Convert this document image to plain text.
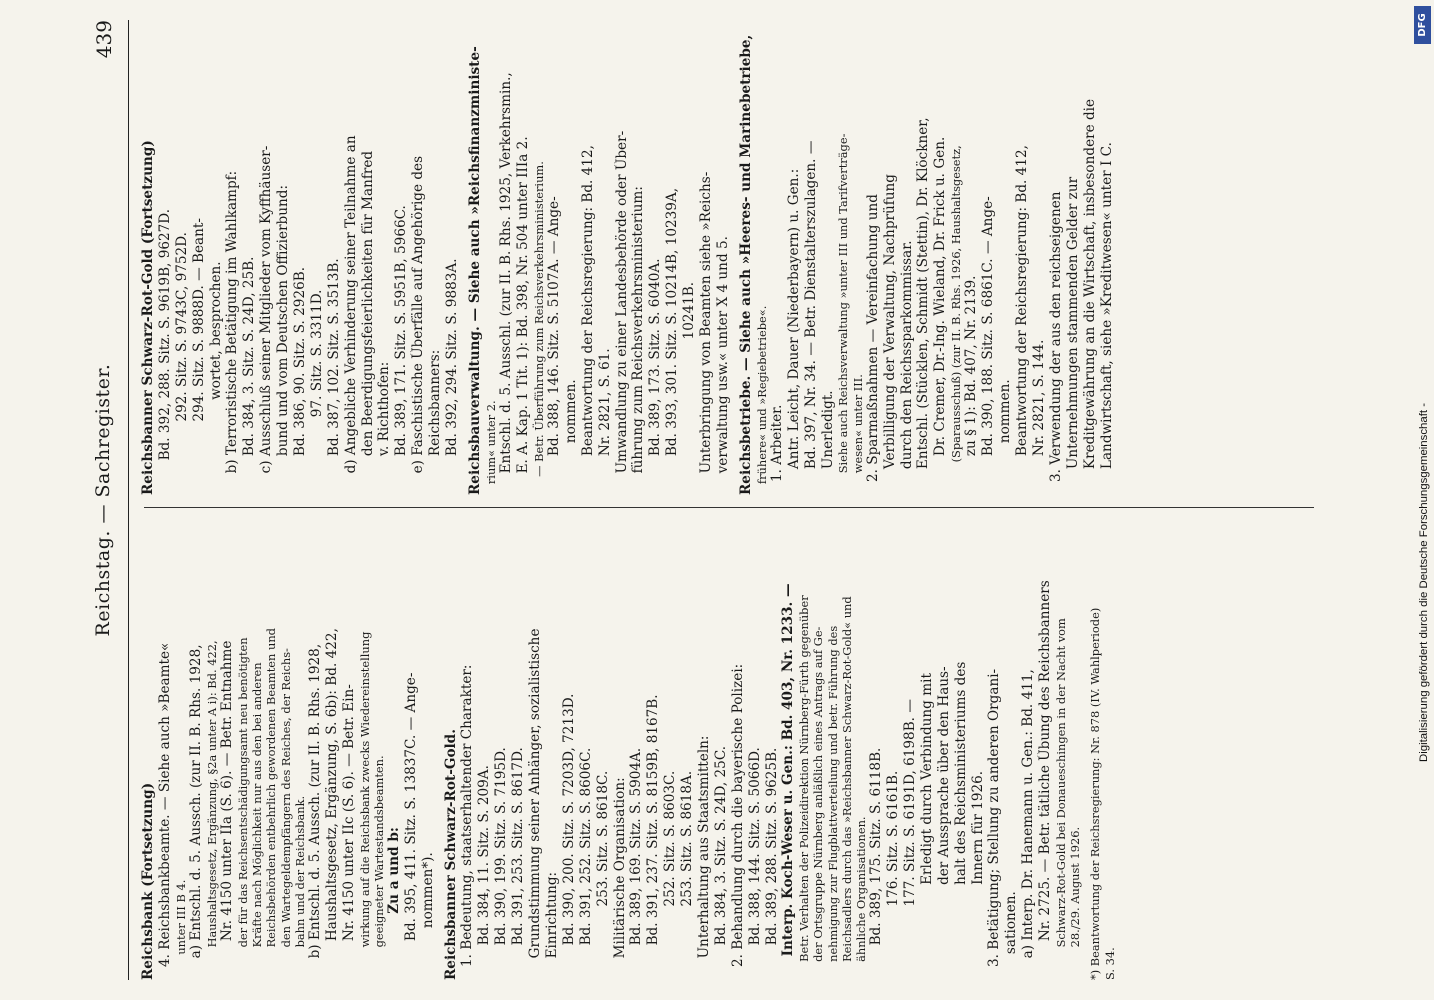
Reichstag. — Sachregister.
439
Reichsbank (Fortsetzung) 4. Reichsbankbeamte. — Siehe auch »Beamte« unter III B 4. a) Entschl. d. 5. Aussch. (zur II. B. Rhs. 1928, Haushaltsgesetz, Ergänzung, §2a unter A i): Bd. 422, Nr. 4150 unter IIa (S. 6). — Betr. Entnahme der für das Reichsentschädigungsamt neu benötigten Kräfte nach Möglichkeit nur aus den bei anderen Reichsbehörden entbehrlich gewordenen Beamten und den Wartegeldempfängern des Reiches, der Reichs- bahn und der Reichsbank. b) Entschl. d. 5. Aussch. (zur II. B. Rhs. 1928, Haushaltsgesetz, Ergänzung, S. 6b): Bd. 422, Nr. 4150 unter IIc (S. 6). — Betr. Ein- wirkung auf die Reichsbank zwecks Wiedereinstellung geeigneter Wartestandsbeamten. Zu a und b: Bd. 395, 411. Sitz. S. 13837C. — Ange- nommen*). Reichsbanner Schwarz-Rot-Gold. 1. Bedeutung, staatserhaltender Charakter: Bd. 384, 11. Sitz. S. 209A. Bd. 390, 199. Sitz. S. 7195D. Bd. 391, 253. Sitz. S. 8617D. Grundstimmung seiner Anhänger, sozialistische Einrichtung: Bd. 390, 200. Sitz. S. 7203D, 7213D. Bd. 391, 252. Sitz. S. 8606C. 253. Sitz. S. 8618C. Militärische Organisation: Bd. 389, 169. Sitz. S. 5904A. Bd. 391, 237. Sitz. S. 8159B, 8167B. 252. Sitz. S. 8603C. 253. Sitz. S. 8618A. Unterhaltung aus Staatsmitteln: Bd. 384, 3. Sitz. S. 24D, 25C. 2. Behandlung durch die bayerische Polizei: Bd. 388, 144. Sitz. S. 5066D. Bd. 389, 288. Sitz. S. 9625B. Interp. Koch-Weser u. Gen.: Bd. 403, Nr. 1233. — Betr. Verhalten der Polizeidirektion Nürnberg-Fürth gegenüber der Ortsgruppe Nürnberg anläßlich eines Antrags auf Ge- nehmigung zur Flugblattverteilung und betr. Führung des Reichsadlers durch das »Reichsbanner Schwarz-Rot-Gold« und ähnliche Organisationen. Bd. 389, 175. Sitz. S. 6118B. 176. Sitz. S. 6161B. 177. Sitz. S. 6191D, 6198B. — Erledigt durch Verbindung mit der Aussprache über den Haus- halt des Reichsministeriums des Innern für 1926. 3. Betätigung; Stellung zu anderen Organi- sationen. a) Interp. Dr. Hanemann u. Gen.: Bd. 411, Nr. 2725. — Betr. tätliche Übung des Reichsbanners Schwarz-Rot-Gold bei Donaueschingen in der Nacht vom 28./29. August 1926. *) Beantwortung der Reichsregierung: Nr. 878 (IV. Wahlperiode) S. 34.
Reichsbanner Schwarz-Rot-Gold (Fortsetzung) Bd. 392, 288. Sitz. S. 9619B, 9627D. 292. Sitz. S. 9743C, 9752D. 294. Sitz. S. 9888D. — Beant- wortet, besprochen. b) Terroristische Betätigung im Wahlkampf: Bd. 384, 3. Sitz. S. 24D, 25B. c) Ausschluß seiner Mitglieder vom Kyffhäuser- bund und vom Deutschen Offizierbund: Bd. 386, 90. Sitz. S. 2926B. 97. Sitz. S. 3311D. Bd. 387, 102. Sitz. S. 3513B. d) Angebliche Verhinderung seiner Teilnahme an den Beerdigungsfeierlichkeiten für Manfred v. Richthofen: Bd. 389, 171. Sitz. S. 5951B, 5966C. e) Faschistische Überfälle auf Angehörige des Reichsbanners: Bd. 392, 294. Sitz. S. 9883A. Reichsbauverwaltung. — Siehe auch »Reichsfinanzministe- rium« unter 2. Entschl. d. 5. Ausschl. (zur II. B. Rhs. 1925, Verkehrsmin., E. A. Kap. 1 Tit. 1): Bd. 398, Nr. 504 unter IIIa 2. — Betr. Überführung zum Reichsverkehrsministerium. Bd. 388, 146. Sitz. S. 5107A. — Ange- nommen. Beantwortung der Reichsregierung: Bd. 412, Nr. 2821, S. 61. Umwandlung zu einer Landesbehörde oder Über- führung zum Reichsverkehrsministerium: Bd. 389, 173. Sitz. S. 6040A. Bd. 393, 301. Sitz. S. 10214B, 10239A, 10241B. Unterbringung von Beamten siehe »Reichs- verwaltung usw.« unter X 4 und 5. Reichsbetriebe. — Siehe auch »Heeres- und Marinebetriebe, frühere« und »Regiebetriebe«. 1. Arbeiter. Antr. Leicht, Dauer (Niederbayern) u. Gen.: Bd. 397, Nr. 34. — Betr. Dienstalterszulagen. — Unerledigt. Siehe auch Reichsverwaltung »unter III und Tarifverträge- wesen« unter III. 2. Sparmaßnahmen — Vereinfachung und Verbilligung der Verwaltung, Nachprüfung durch den Reichssparkommissar. Entschl. (Stücklen, Schmidt (Stettin), Dr. Klöckner, Dr. Cremer, Dr.-Ing. Wieland, Dr. Frick u. Gen. (Sparausschuß) (zur II. B. Rhs. 1926, Haushaltsgesetz, zu § 1): Bd. 407, Nr. 2139. Bd. 390, 188. Sitz. S. 6861C. — Ange- nommen. Beantwortung der Reichsregierung: Bd. 412, Nr. 2821, S. 144. 3. Verwendung der aus den reichseigenen Unternehmungen stammenden Gelder zur Kreditgewährung an die Wirtschaft, insbesondere die Landwirtschaft, siehe »Kreditwesen« unter I C.
DFG
Digitalisierung gefördert durch die Deutsche Forschungsgemeinschaft -
